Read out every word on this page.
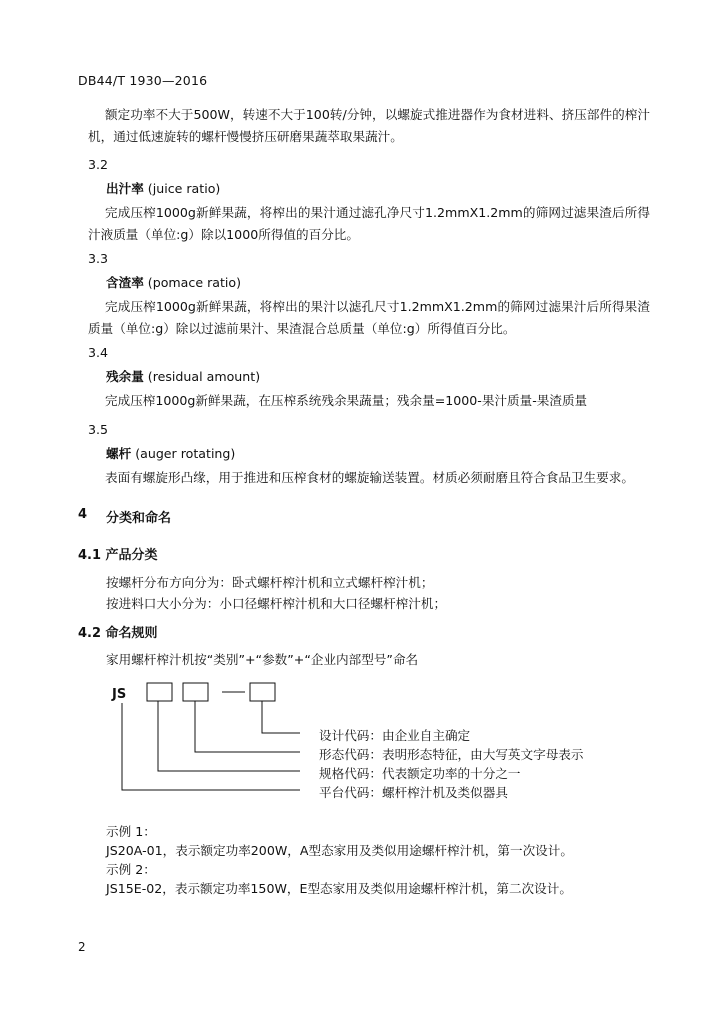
DB44/T 1930—2016
额定功率不大于500W，转速不大于100转/分钟，以螺旋式推进器作为食材进料、挤压部件的榨汁机，通过低速旋转的螺杆慢慢挤压研磨果蔬萃取果蔬汁。
3.2
出汁率 (juice ratio)
完成压榨1000g新鲜果蔬，将榨出的果汁通过滤孔净尺寸1.2mmX1.2mm的筛网过滤果渣后所得汁液质量（单位:g）除以1000所得值的百分比。
3.3
含渣率 (pomace ratio)
完成压榨1000g新鲜果蔬，将榨出的果汁以滤孔尺寸1.2mmX1.2mm的筛网过滤果汁后所得果渣质量（单位:g）除以过滤前果汁、果渣混合总质量（单位:g）所得值百分比。
3.4
残余量 (residual amount)
完成压榨1000g新鲜果蔬，在压榨系统残余果蔬量；残余量=1000-果汁质量-果渣质量
3.5
螺杆 (auger rotating)
表面有螺旋形凸缘，用于推进和压榨食材的螺旋输送装置。材质必须耐磨且符合食品卫生要求。
4 分类和命名
4.1 产品分类
按螺杆分布方向分为：卧式螺杆榨汁机和立式螺杆榨汁机；
按进料口大小分为：小口径螺杆榨汁机和大口径螺杆榨汁机；
4.2 命名规则
家用螺杆榨汁机按“类别”+“参数”+“企业内部型号”命名
JS
设计代码：由企业自主确定
形态代码：表明形态特征，由大写英文字母表示
规格代码：代表额定功率的十分之一
平台代码：螺杆榨汁机及类似器具
示例 1：
JS20A-01，表示额定功率200W，A型态家用及类似用途螺杆榨汁机，第一次设计。
示例 2：
JS15E-02，表示额定功率150W，E型态家用及类似用途螺杆榨汁机，第二次设计。
2
